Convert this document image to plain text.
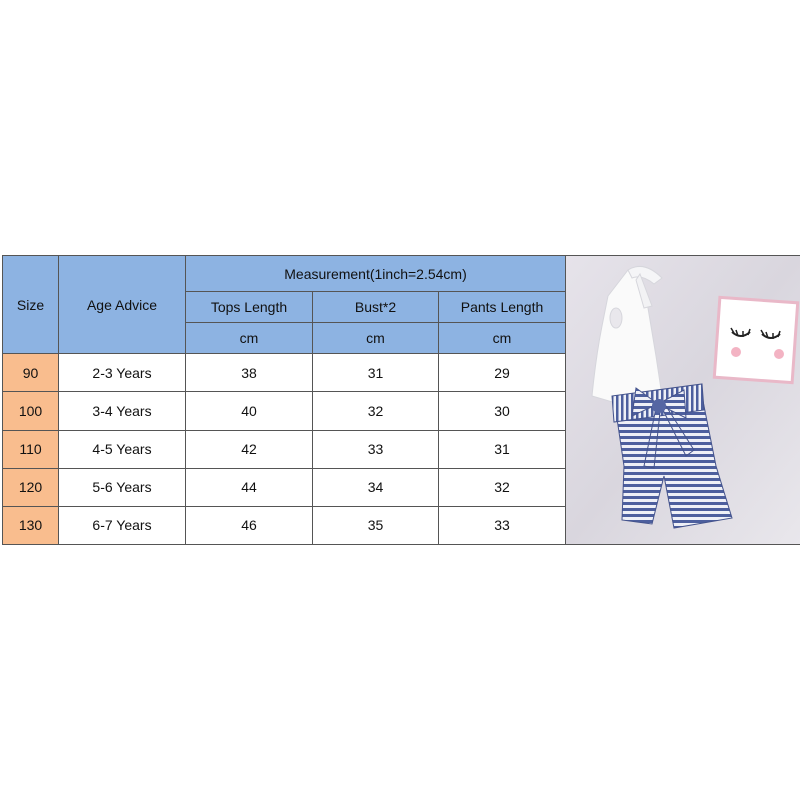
Size	Age Advice	Measurement(1inch=2.54cm)		
		Tops Length	Bust*2	Pants Length
		cm	cm	cm
90	2-3 Years	38	31	29
100	3-4 Years	40	32	30
110	4-5 Years	42	33	31
120	5-6 Years	44	34	32
130	6-7 Years	46	35	33
